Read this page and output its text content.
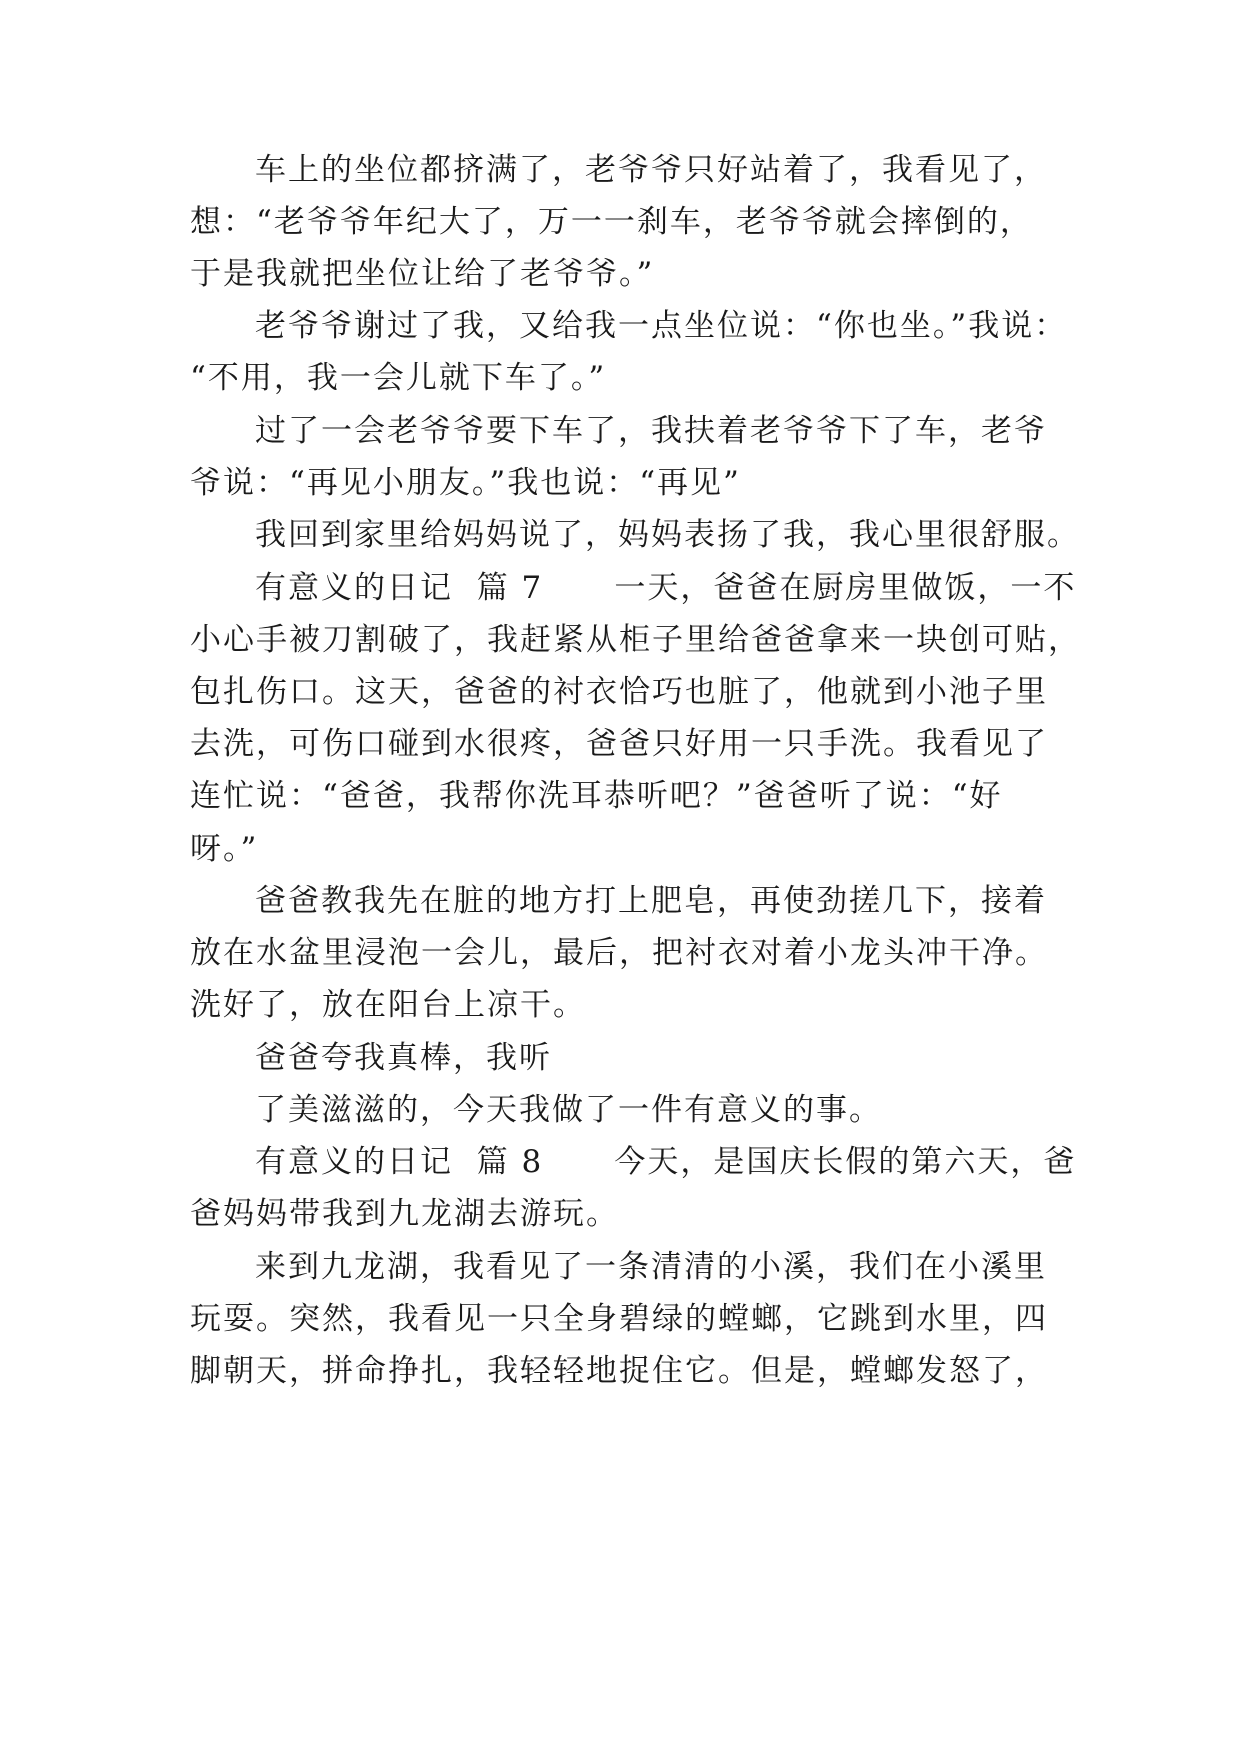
车上的坐位都挤满了，老爷爷只好站着了，我看见了，
想：“老爷爷年纪大了，万一一刹车，老爷爷就会摔倒的，
于是我就把坐位让给了老爷爷。”
老爷爷谢过了我，又给我一点坐位说：“你也坐。”我说：
“不用，我一会儿就下车了。”
过了一会老爷爷要下车了，我扶着老爷爷下了车，老爷
爷说：“再见小朋友。”我也说：“再见”
我回到家里给妈妈说了，妈妈表扬了我，我心里很舒服。
有意义的日记  篇 7      一天，爸爸在厨房里做饭，一不
小心手被刀割破了，我赶紧从柜子里给爸爸拿来一块创可贴，
包扎伤口。这天，爸爸的衬衣恰巧也脏了，他就到小池子里
去洗，可伤口碰到水很疼，爸爸只好用一只手洗。我看见了
连忙说：“爸爸，我帮你洗耳恭听吧？”爸爸听了说：“好
呀。”
爸爸教我先在脏的地方打上肥皂，再使劲搓几下，接着
放在水盆里浸泡一会儿，最后，把衬衣对着小龙头冲干净。
洗好了，放在阳台上凉干。
爸爸夸我真棒，我听
了美滋滋的，今天我做了一件有意义的事。
有意义的日记  篇 8      今天，是国庆长假的第六天，爸
爸妈妈带我到九龙湖去游玩。
来到九龙湖，我看见了一条清清的小溪，我们在小溪里
玩耍。突然，我看见一只全身碧绿的螳螂，它跳到水里，四
脚朝天，拼命挣扎，我轻轻地捉住它。但是，螳螂发怒了，
